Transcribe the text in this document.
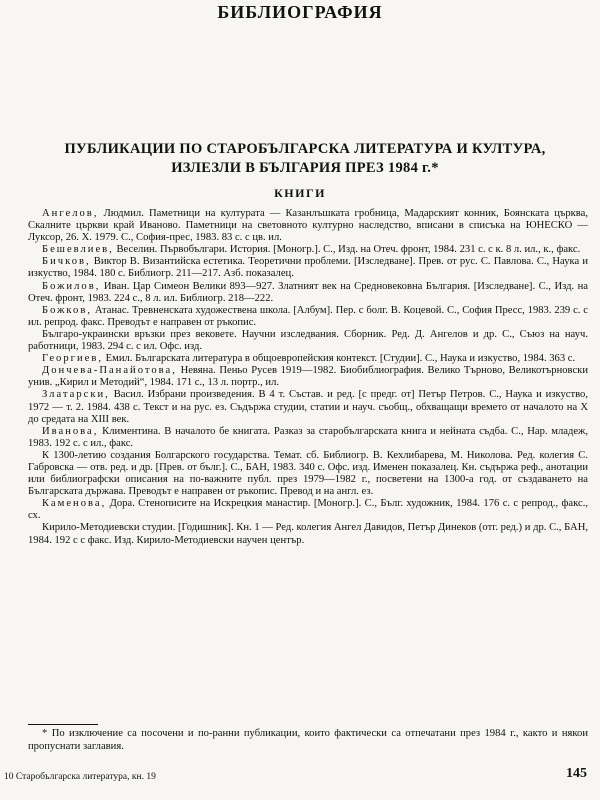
БИБЛИОГРАФИЯ
ПУБЛИКАЦИИ ПО СТАРОБЪЛГАРСКА ЛИТЕРАТУРА И КУЛТУРА,
ИЗЛЕЗЛИ В БЪЛГАРИЯ ПРЕЗ 1984 г.*
КНИГИ

Ангелов, Людмил. Паметници на културата — Казанлъшката гробница, Мадарският конник, Боянската църква, Скалните църкви край Иваново. Паметници на световното културно наследство, вписани в списъка на ЮНЕСКО — Луксор, 26. X. 1979. С., София-прес, 1983. 83 с. с цв. ил.

Бешевлиев, Веселин. Първобългари. История. [Моногр.]. С., Изд. на Отеч. фронт, 1984. 231 с. с к. 8 л. ил., к., факс.

Бичков, Виктор В. Византийска естетика. Теоретични проблеми. [Изследване]. Прев. от рус. С. Павлова. С., Наука и изкуство, 1984. 180 с. Библиогр. 211—217. Азб. показалец.

Божилов, Иван. Цар Симеон Велики 893—927. Златният век на Средновековна България. [Изследване]. С., Изд. на Отеч. фронт, 1983. 224 с., 8 л. ил. Библиогр. 218—222.

Божков, Атанас. Тревненската художествена школа. [Албум]. Пер. с болг. В. Коцевой. С., София Пресс, 1983. 239 с. с ил. репрод. факс. Преводът е направен от ръкопис.

Българо-украински връзки през вековете. Научни изследвания. Сборник. Ред. Д. Ангелов и др. С., Съюз на науч. работници, 1983. 294 с. с ил. Офс. изд.

Георгиев, Емил. Българската литература в общоевропейския контекст. [Студии]. С., Наука и изкуство, 1984. 363 с.

Дончева-Панайотова, Невяна. Пеньо Русев 1919—1982. Биобиблиография. Велико Търново, Великотърновски унив. „Кирил и Методий“, 1984. 171 с., 13 л. портр., ил.

Златарски, Васил. Избрани произведения. В 4 т. Състав. и ред. [с предг. от] Петър Петров. С., Наука и изкуство, 1972 — т. 2. 1984. 438 с. Текст и на рус. ез. Съдържа студии, статии и науч. съобщ., обхващащи времето от началото на X до средата на XIII век.

Иванова, Климентина. В началото бе книгата. Разказ за старобългарската книга и нейната съдба. С., Нар. младеж, 1983. 192 с. с ил., факс.

К 1300-летию создания Болгарского государства. Темат. сб. Библиогр. В. Кехлибарева, М. Николова. Ред. колегия С. Габровска — отв. ред. и др. [Прев. от бълг.]. С., БАН, 1983. 340 с. Офс. изд. Именен показалец. Кн. съдържа реф., анотации или библиографски описания на по-важните публ. през 1979—1982 г., посветени на 1300-а год. от създаването на Българската държава. Преводът е направен от ръкопис. Превод и на англ. ез.

Каменова, Дора. Стенописите на Искрецкия манастир. [Моногр.]. С., Бълг. художник, 1984. 176 с. с репрод., факс., сх.

Кирило-Методиевски студии. [Годишник]. Кн. 1 — Ред. колегия Ангел Давидов, Петър Динеков (отг. ред.) и др. С., БАН, 1984. 192 с с факс. Изд. Кирило-Методиевски научен център.

* По изключение са посочени и по-ранни публикации, които фактически са отпечатани през 1984 г., както и някои пропуснати заглавия.
10 Старобългарска литература, кн. 19	145
